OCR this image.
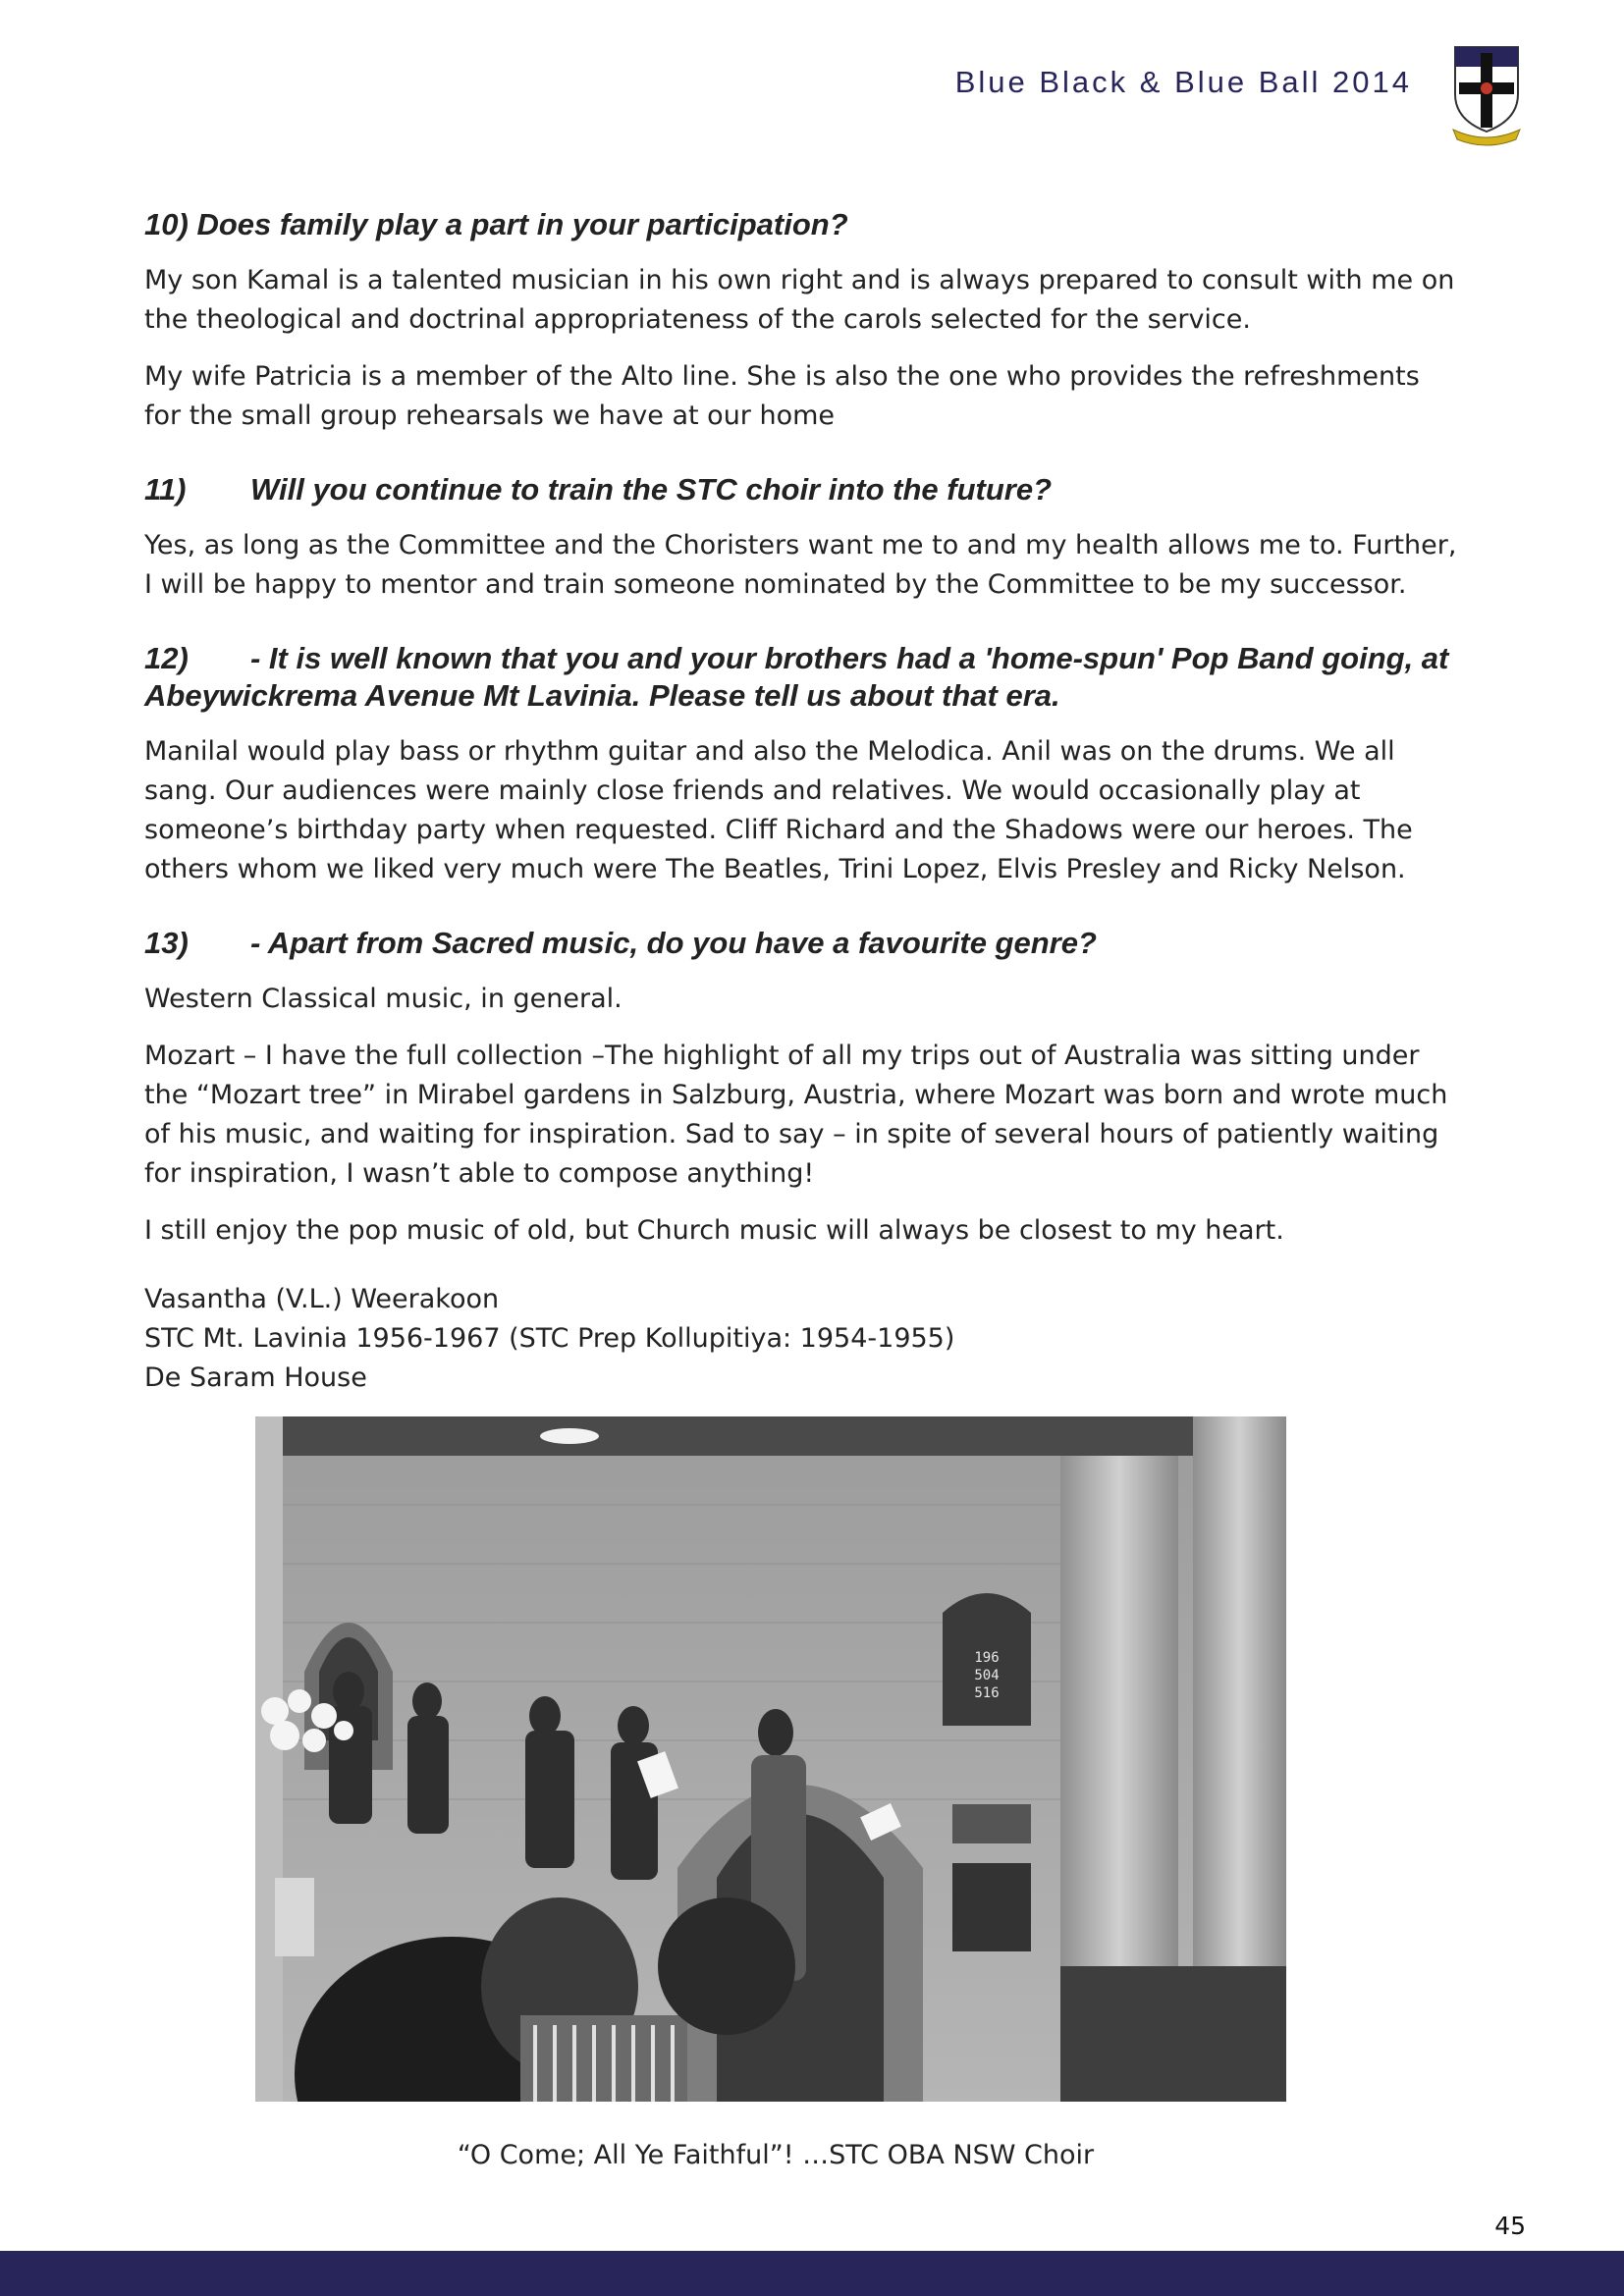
Blue Black & Blue Ball 2014
10) Does family play a part in your participation?

My son Kamal is a talented musician in his own right and is always prepared to consult with me on the theological and doctrinal appropriateness of the carols selected for the service.

My wife Patricia is a member of the Alto line. She is also the one who provides the refreshments for the small group rehearsals we have at our home

11) Will you continue to train the STC choir into the future?

Yes, as long as the Committee and the Choristers want me to and my health allows me to. Further, I will be happy to mentor and train someone nominated by the Committee to be my successor.

12) - It is well known that you and your brothers had a 'home-spun' Pop Band going, at Abeywickrema Avenue Mt Lavinia. Please tell us about that era.

Manilal would play bass or rhythm guitar and also the Melodica. Anil was on the drums. We all sang. Our audiences were mainly close friends and relatives. We would occasionally play at someone’s birthday party when requested. Cliff Richard and the Shadows were our heroes. The others whom we liked very much were The Beatles, Trini Lopez, Elvis Presley and Ricky Nelson.

13) - Apart from Sacred music, do you have a favourite genre?

Western Classical music, in general.

Mozart – I have the full collection –The highlight of all my trips out of Australia was sitting under the “Mozart tree” in Mirabel gardens in Salzburg, Austria, where Mozart was born and wrote much of his music, and waiting for inspiration. Sad to say – in spite of several hours of patiently waiting for inspiration, I wasn’t able to compose anything!

I still enjoy the pop music of old, but Church music will always be closest to my heart.

Vasantha (V.L.) Weerakoon
STC Mt. Lavinia 1956-1967 (STC Prep Kollupitiya: 1954-1955)
De Saram House
196
504
516
“O Come; All Ye Faithful”! …STC OBA NSW Choir
45
